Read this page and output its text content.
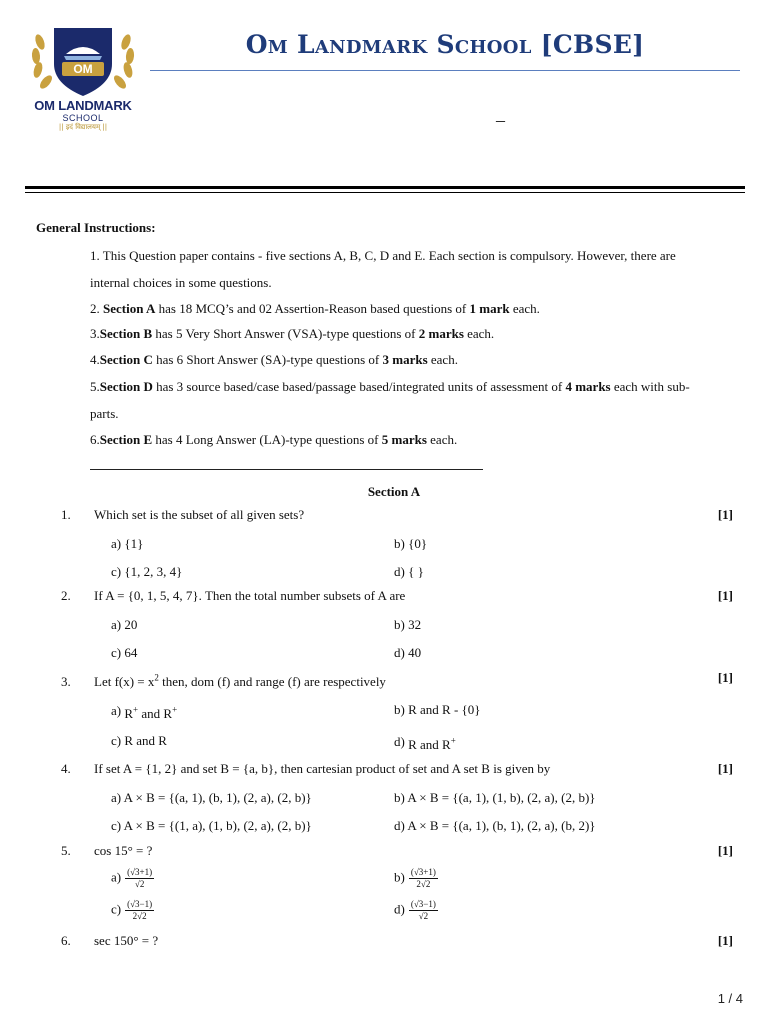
OM
OM LANDMARK
SCHOOL
|| इदं विद्यालयम् ||
Om Landmark School [CBSE]
–
General Instructions:
1. This Question paper contains - five sections A, B, C, D and E. Each section is compulsory. However, there are
internal choices in some questions.
2. Section A has 18 MCQ’s and 02 Assertion-Reason based questions of 1 mark each.
3.Section B has 5 Very Short Answer (VSA)-type questions of 2 marks each.
4.Section C has 6 Short Answer (SA)-type questions of 3 marks each.
5.Section D has 3 source based/case based/passage based/integrated units of assessment of 4 marks each with sub-
parts.
6.Section E has 4 Long Answer (LA)-type questions of 5 marks each.
Section A
1. Which set is the subset of all given sets?	[1]
a) {1}	b) {0}
c) {1, 2, 3, 4}	d) { }
2. If A = {0, 1, 5, 4, 7}. Then the total number subsets of A are	[1]
a) 20	b) 32
c) 64	d) 40
3. Let $f(x) = x^2$ then, dom (f) and range (f) are respectively	[1]
a) R+ and R+	b) R and R - {0}
c) R and R	d) R and R+
4. If set A = {1, 2} and set B = {a, b}, then cartesian product of set and A set B is given by	[1]
a) A × B = {(a, 1), (b, 1), (2, a), (2, b)}	b) A × B = {(a, 1), (1, b), (2, a), (2, b)}
c) A × B = {(1, a), (1, b), (2, a), (2, b)}	d) A × B = {(a, 1), (b, 1), (2, a), (b, 2)}
5. cos 15° = ?	[1]
$a) \frac{(√3+1)}{√2}$	$b) \frac{(√3+1)}{2√2}$
$c) \frac{(√3-1)}{2√2}$	$d) \frac{(√3-1)}{√2}$
6. sec 150° = ?	[1]
1 / 4
